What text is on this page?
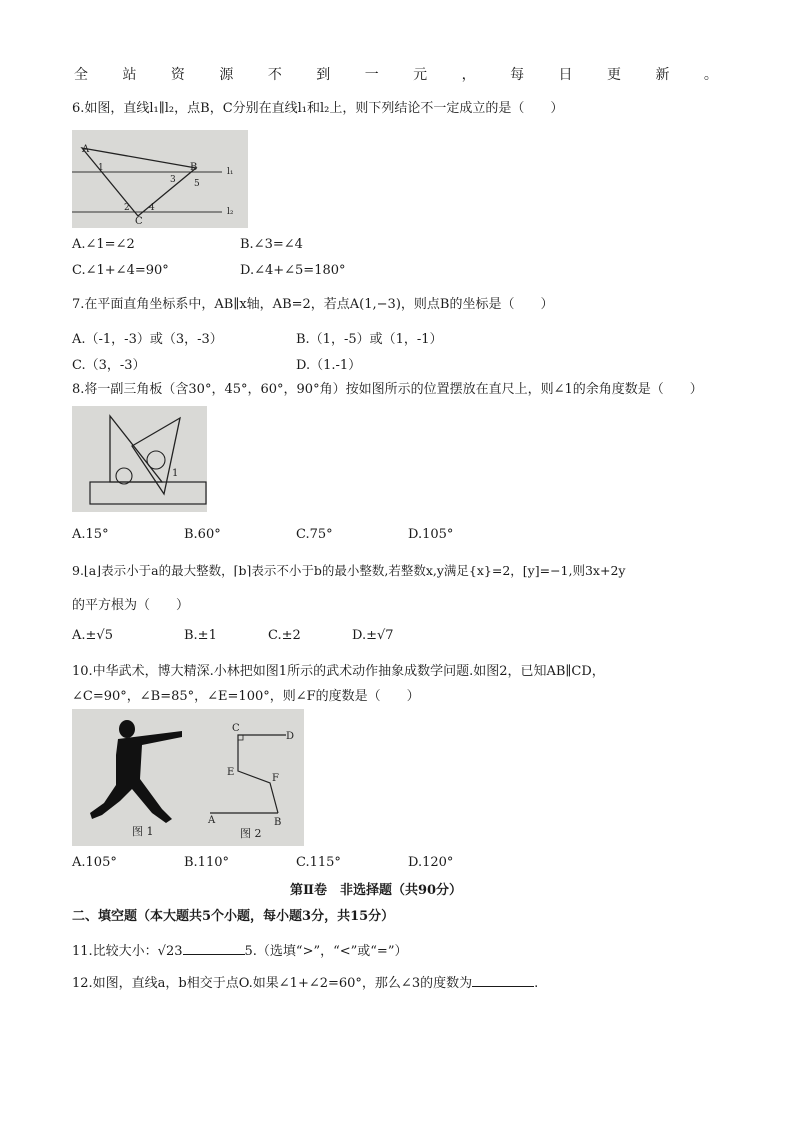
全 站 资 源 不 到 一 元 ， 每 日 更 新 。
6.如图，直线l₁∥l₂，点B，C分别在直线l₁和l₂上，则下列结论不一定成立的是（　　）
A
B
C
1
2
3
4
5
l₁
l₂
A.∠1=∠2	B.∠3=∠4
C.∠1+∠4=90°	D.∠4+∠5=180°
7.在平面直角坐标系中，AB∥x轴，AB=2，若点A(1,−3)，则点B的坐标是（　　）
A.（-1，-3）或（3，-3）	B.（1，-5）或（1，-1）
C.（3，-3）	D.（1.-1）
8.将一副三角板（含30°，45°，60°，90°角）按如图所示的位置摆放在直尺上，则∠1的余角度数是（　　）
1
A.15°	B.60°	C.75°	D.105°
9.⌊a⌋表示小于a的最大整数，⌈b⌉表示不小于b的最小整数,若整数x,y满足{x}=2，[y]=−1,则3x+2y
的平方根为（　　）
A.±√5	B.±1	C.±2	D.±√7
10.中华武术，博大精深.小林把如图1所示的武术动作抽象成数学问题.如图2，已知AB∥CD，
∠C=90°，∠B=85°，∠E=100°，则∠F的度数是（　　）
图 1
C
D
E
F
A	B
图 2
A.105°	B.110°	C.115°	D.120°
第Ⅱ卷　非选择题（共90分）
二、填空题（本大题共5个小题，每小题3分，共15分）
11.比较大小：√23	5.（选填“>”，“<”或“=”）
12.如图，直线a，b相交于点O.如果∠1+∠2=60°，那么∠3的度数为	.
